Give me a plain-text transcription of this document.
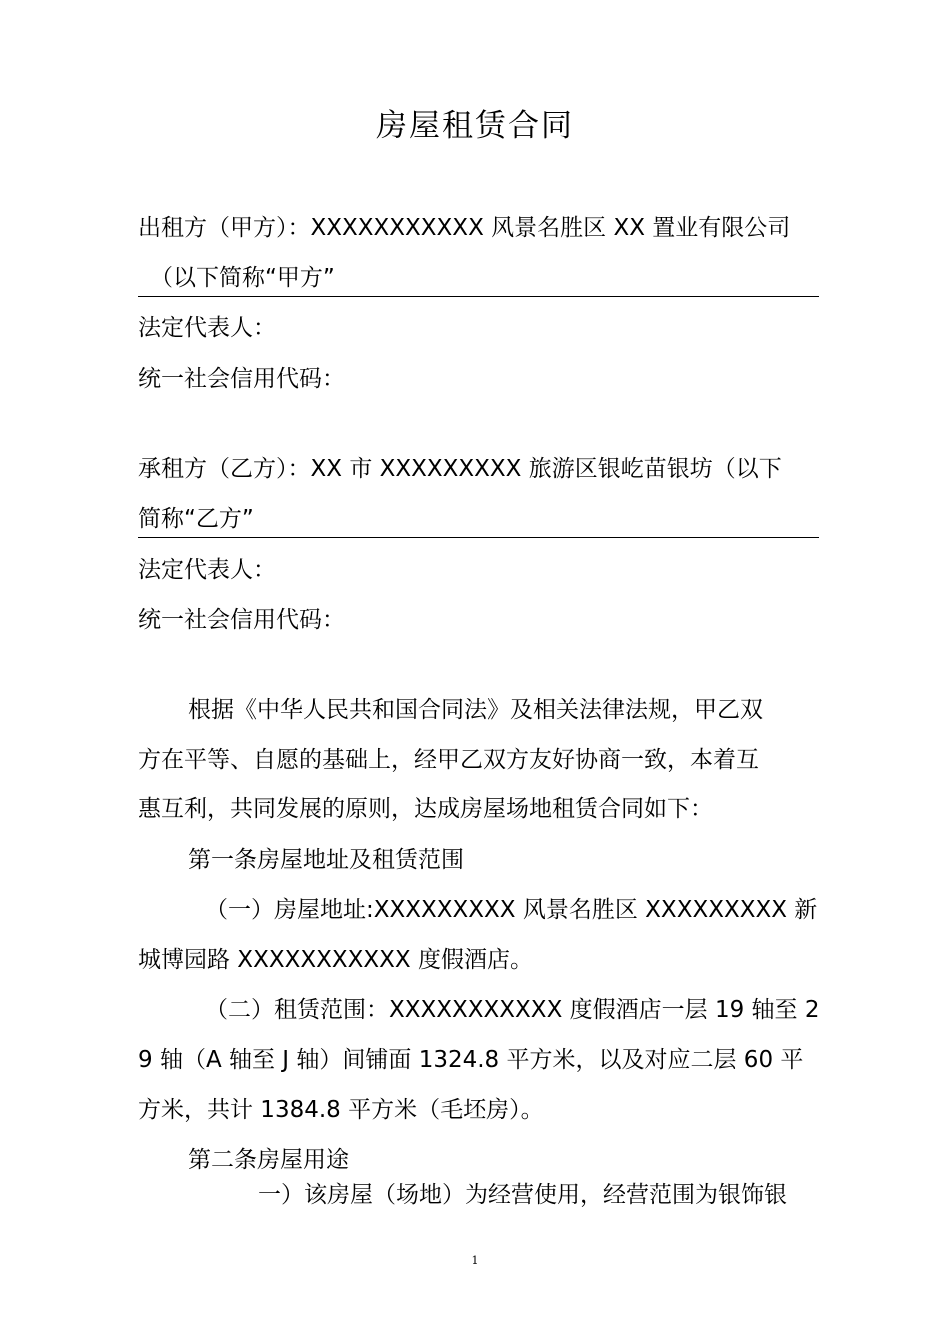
房屋租赁合同
出租方（甲方）：XXXXXXXXXXX 风景名胜区 XX 置业有限公司
（以下简称“甲方”
法定代表人：
统一社会信用代码：
承租方（乙方）：XX 市 XXXXXXXXX 旅游区银屹苗银坊（以下
简称“乙方”
法定代表人：
统一社会信用代码：
根据《中华人民共和国合同法》及相关法律法规，甲乙双
方在平等、自愿的基础上，经甲乙双方友好协商一致，本着互
惠互利，共同发展的原则，达成房屋场地租赁合同如下：
第一条房屋地址及租赁范围
（一）房屋地址:XXXXXXXXX 风景名胜区 XXXXXXXXX 新
城博园路 XXXXXXXXXXX 度假酒店。
（二）租赁范围：XXXXXXXXXXX 度假酒店一层 19 轴至 2
9 轴（A 轴至 J 轴）间铺面 1324.8 平方米，以及对应二层 60 平
方米，共计 1384.8 平方米（毛坯房）。
第二条房屋用途
一）该房屋（场地）为经营使用，经营范围为银饰银
1
